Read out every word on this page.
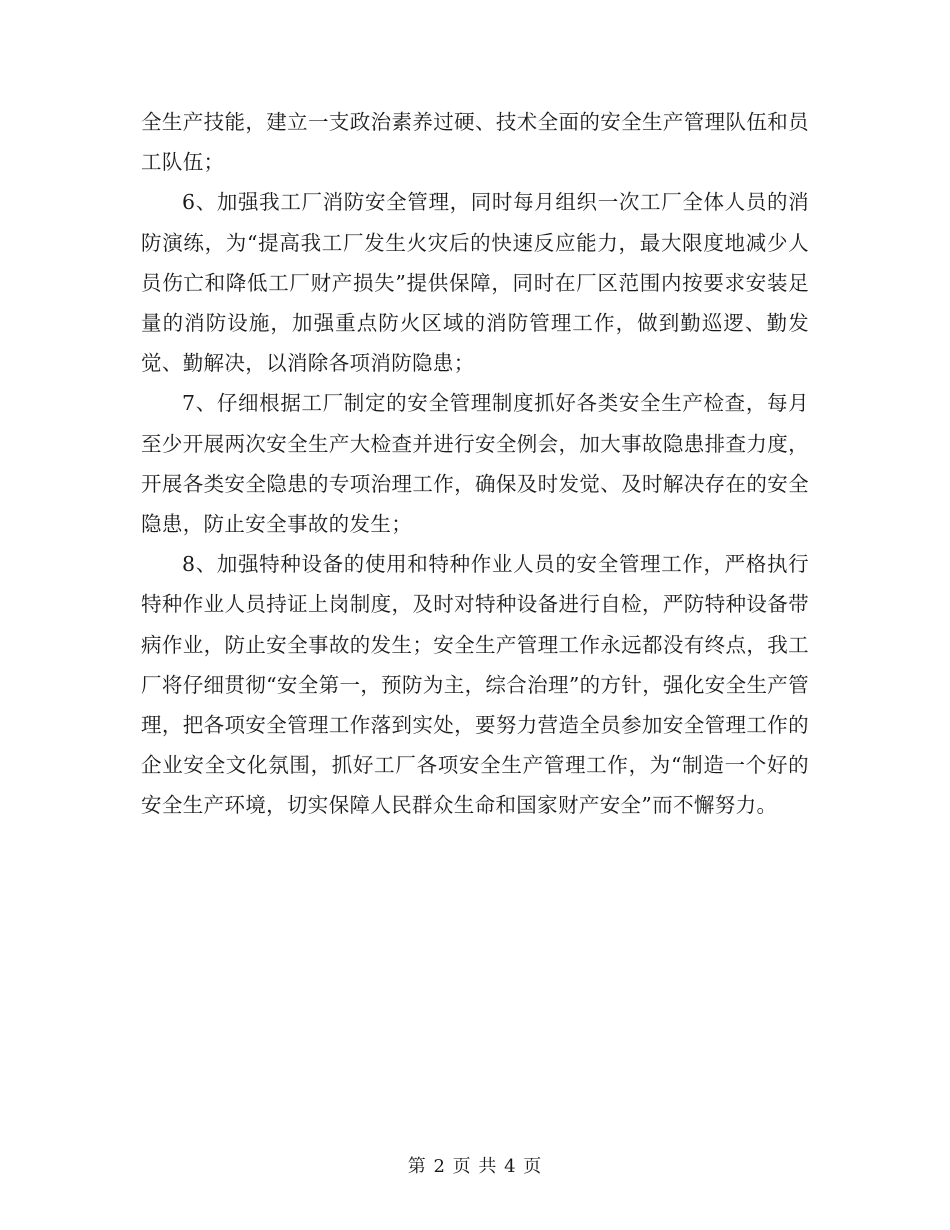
全生产技能，建立一支政治素养过硬、技术全面的安全生产管理队伍和员工队伍；

6、加强我工厂消防安全管理，同时每月组织一次工厂全体人员的消防演练，为“提高我工厂发生火灾后的快速反应能力，最大限度地减少人员伤亡和降低工厂财产损失”提供保障，同时在厂区范围内按要求安装足量的消防设施，加强重点防火区域的消防管理工作，做到勤巡逻、勤发觉、勤解决，以消除各项消防隐患；

7、仔细根据工厂制定的安全管理制度抓好各类安全生产检查，每月至少开展两次安全生产大检查并进行安全例会，加大事故隐患排查力度，开展各类安全隐患的专项治理工作，确保及时发觉、及时解决存在的安全隐患，防止安全事故的发生；

8、加强特种设备的使用和特种作业人员的安全管理工作，严格执行特种作业人员持证上岗制度，及时对特种设备进行自检，严防特种设备带病作业，防止安全事故的发生；安全生产管理工作永远都没有终点，我工厂将仔细贯彻“安全第一，预防为主，综合治理”的方针，强化安全生产管理，把各项安全管理工作落到实处，要努力营造全员参加安全管理工作的企业安全文化氛围，抓好工厂各项安全生产管理工作，为“制造一个好的安全生产环境，切实保障人民群众生命和国家财产安全”而不懈努力。

第 2 页 共 4 页
